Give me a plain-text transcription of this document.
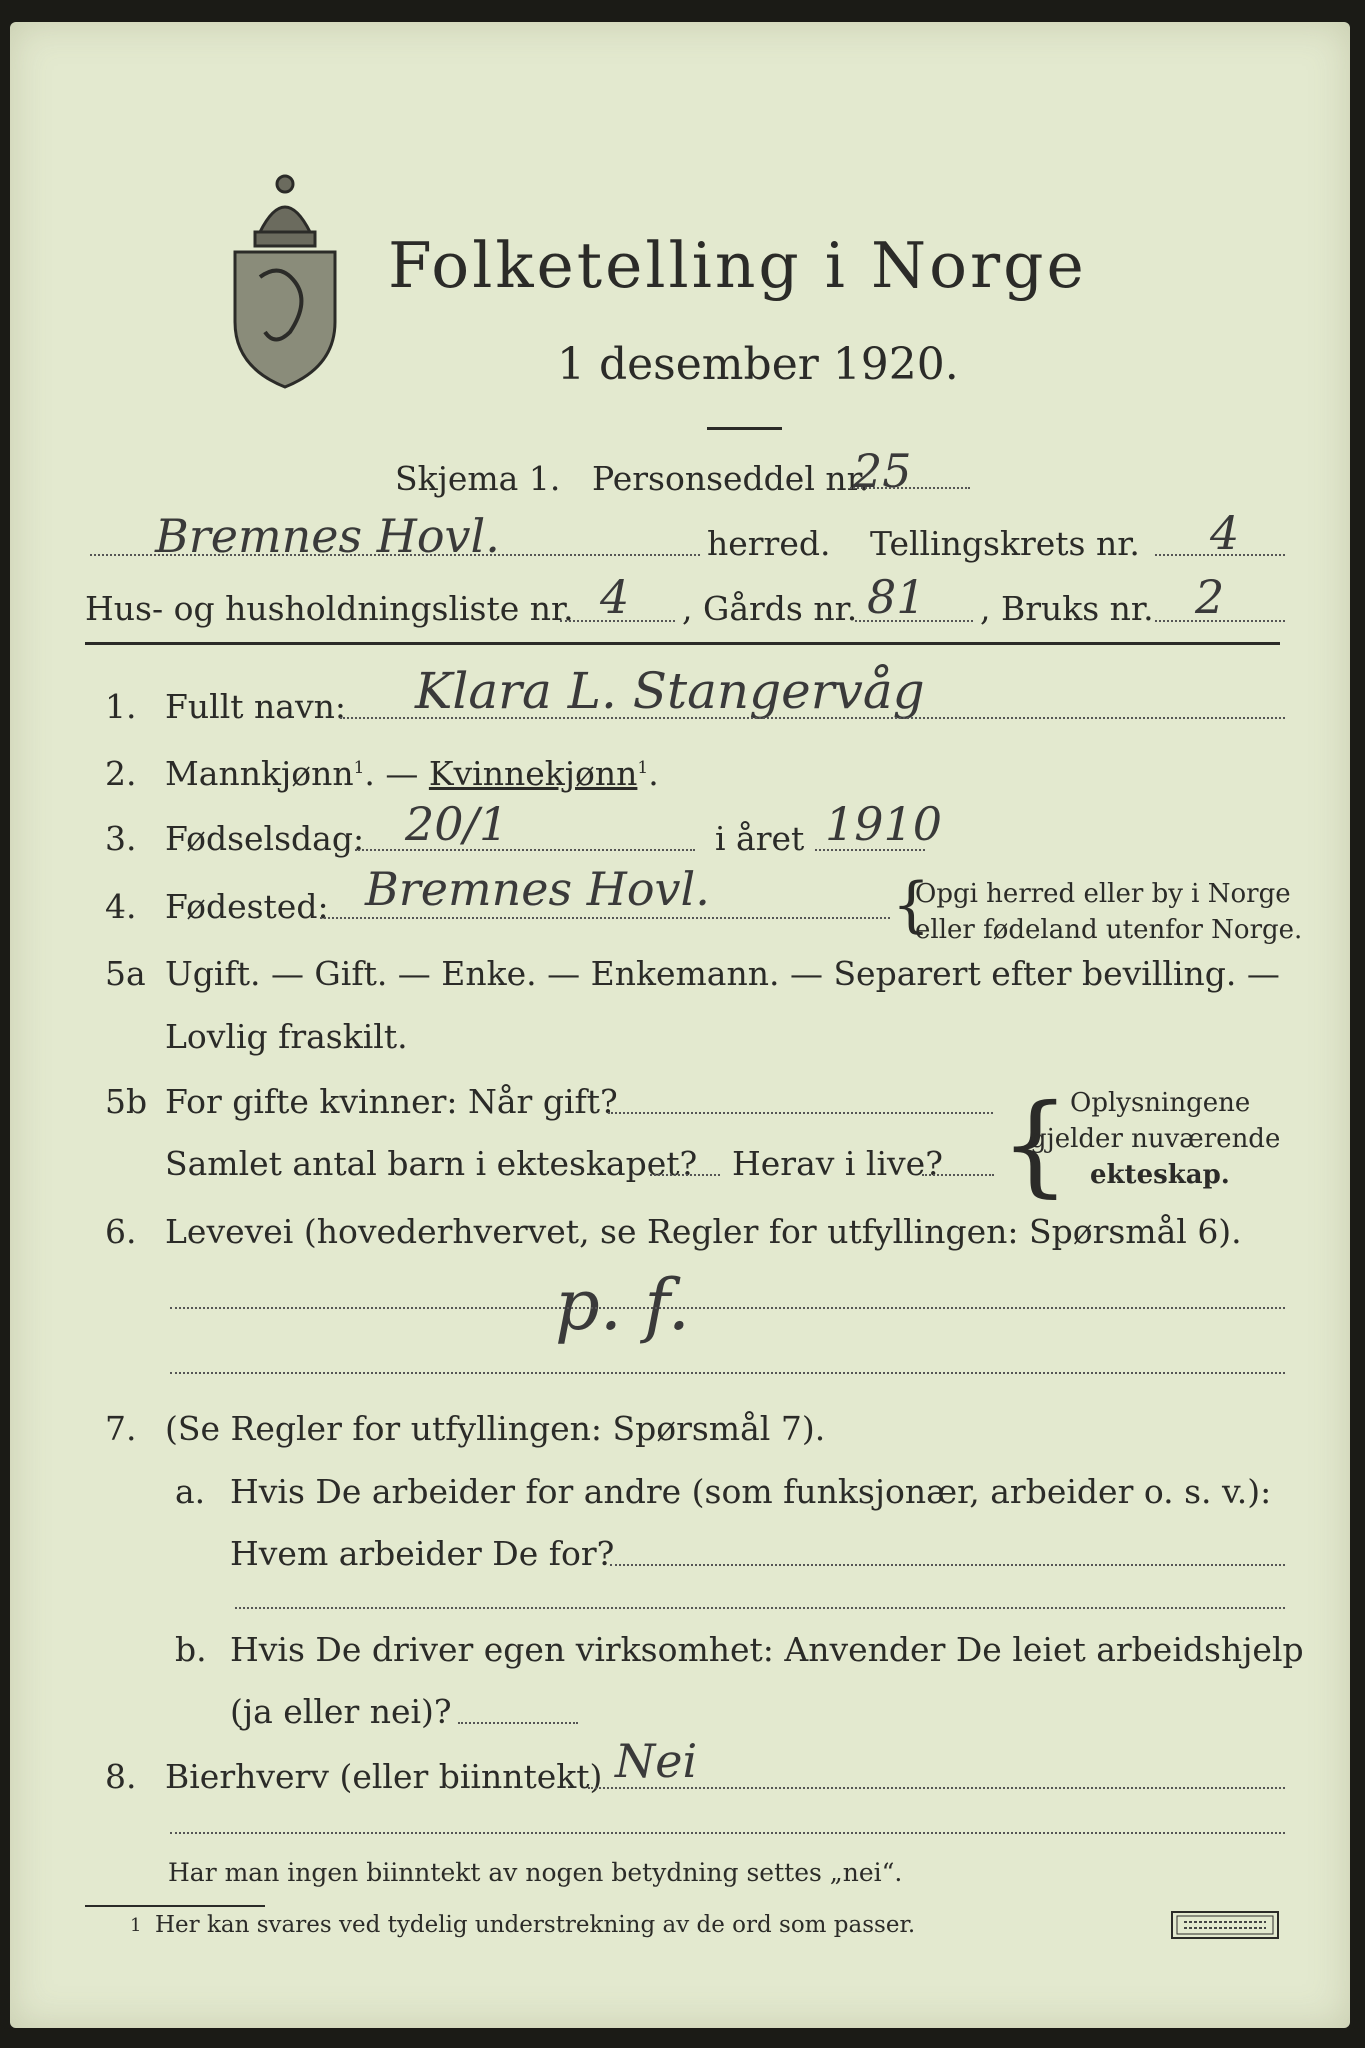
Folketelling i Norge
1 desember 1920.
Skjema 1. Personseddel nr.
25
Bremnes Hovl.	herred. Tellingskrets nr. 4
Hus- og husholdningsliste nr. 4 , Gårds nr. 81 , Bruks nr. 2
1. Fullt navn: Klara L. Stangervåg
2. Mannkjønn$^1$. — Kvinnekjønn$^1$.
3. Fødselsdag: 20/1	i året 1910
4. Fødested: Bremnes Hovl.	{
Opgi herred eller by i Norge
eller fødeland utenfor Norge.
5a Ugift. — Gift. — Enke. — Enkemann. — Separert efter bevilling. —
Lovlig fraskilt.
5b For gifte kvinner: Når gift?
Samlet antal barn i ekteskapet? Herav i live? { Oplysningene
gjelder nuværende
ekteskap.
6. Levevei (hovederhvervet, se Regler for utfyllingen: Spørsmål 6).
p. f.
7. (Se Regler for utfyllingen: Spørsmål 7).
a. Hvis De arbeider for andre (som funksjonær, arbeider o. s. v.):
Hvem arbeider De for?
b. Hvis De driver egen virksomhet: Anvender De leiet arbeidshjelp
(ja eller nei)?
8. Bierhverv (eller biinntekt) Nei
Har man ingen biinntekt av nogen betydning settes „nei“.
1 Her kan svares ved tydelig understrekning av de ord som passer.
